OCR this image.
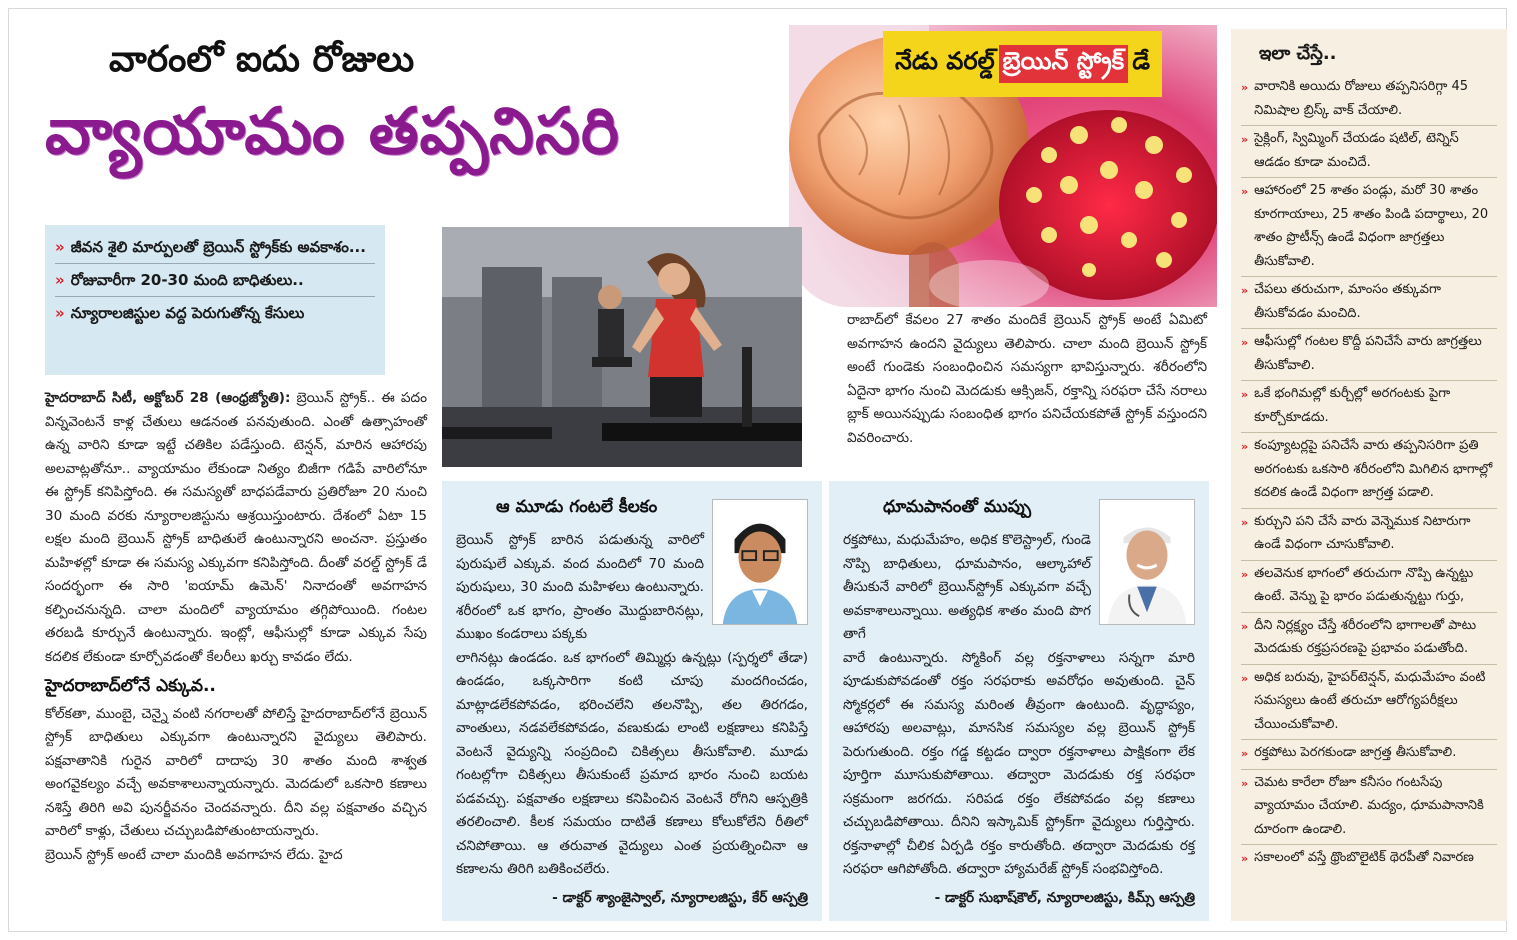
నేడు వరల్డ్ బ్రెయిన్ స్ట్రోక్ డే
వారంలో ఐదు రోజులు
వ్యాయామం తప్పనిసరి
» జీవన శైలి మార్పులతో బ్రెయిన్ స్ట్రోక్‌కు అవకాశం...
» రోజువారీగా 20-30 మంది బాధితులు..
» న్యూరాలజిస్టుల వద్ద పెరుగుతోన్న కేసులు

హైదరాబాద్ సిటీ, అక్టోబర్ 28 (ఆంధ్రజ్యోతి): బ్రెయిన్ స్ట్రోక్.. ఈ పదం విన్నవెంటనే కాళ్ల చేతులు ఆడనంత పనవుతుంది. ఎంతో ఉత్సాహంతో ఉన్న వారిని కూడా ఇట్టే చతికిల పడేస్తుంది. టెన్షన్, మారిన ఆహారపు అలవాట్లతోనూ.. వ్యాయామం లేకుండా నిత్యం బిజీగా గడిపే వారిలోనూ ఈ స్ట్రోక్ కనిపిస్తోంది. ఈ సమస్యతో బాధపడేవారు ప్రతిరోజూ 20 నుంచి 30 మంది వరకు న్యూరాలజిస్టును ఆశ్రయిస్తుంటారు. దేశంలో ఏటా 15 లక్షల మంది బ్రెయిన్ స్ట్రోక్ బాధితులే ఉంటున్నారని అంచనా. ప్రస్తుతం మహిళల్లో కూడా ఈ సమస్య ఎక్కువగా కనిపిస్తోంది. దీంతో వరల్డ్ స్ట్రోక్ డే సందర్భంగా ఈ సారి 'ఐయామ్ ఉమెన్' నినాదంతో అవగాహన కల్పించనున్నది. చాలా మందిలో వ్యాయామం తగ్గిపోయింది. గంటల తరబడి కూర్చునే ఉంటున్నారు. ఇంట్లో, ఆఫీసుల్లో కూడా ఎక్కువ సేపు కదలిక లేకుండా కూర్చోవడంతో కేలరీలు ఖర్చు కావడం లేదు.

హైదరాబాద్‌లోనే ఎక్కువ..

కోల్‌కతా, ముంబై, చెన్నై వంటి నగరాలతో పోలిస్తే హైదరాబాద్‌లోనే బ్రెయిన్ స్ట్రోక్ బాధితులు ఎక్కువగా ఉంటున్నారని వైద్యులు తెలిపారు. పక్షవాతానికి గురైన వారిలో దాదాపు 30 శాతం మంది శాశ్వత అంగవైకల్యం వచ్చే అవకాశాలున్నాయన్నారు. మెదడులో ఒకసారి కణాలు నశిస్తే తిరిగి అవి పునర్జీవనం చెందవన్నారు. దీని వల్ల పక్షవాతం వచ్చిన వారిలో కాళ్లు, చేతులు చచ్చుబడిపోతుంటాయన్నారు.

బ్రెయిన్ స్ట్రోక్ అంటే చాలా మందికి అవగాహన లేదు. హైద

రాబాద్‌లో కేవలం 27 శాతం మందికే బ్రెయిన్ స్ట్రోక్ అంటే ఏమిటో అవగాహన ఉందని వైద్యులు తెలిపారు. చాలా మంది బ్రెయిన్ స్ట్రోక్ అంటే గుండెకు సంబంధించిన సమస్యగా భావిస్తున్నారు. శరీరంలోని ఏదైనా భాగం నుంచి మెదడుకు ఆక్సిజన్, రక్తాన్ని సరఫరా చేసే నరాలు బ్లాక్ అయినప్పుడు సంబంధిత భాగం పనిచేయకపోతే స్ట్రోక్ వస్తుందని వివరించారు.

ఆ మూడు గంటలే కీలకం

బ్రెయిన్ స్ట్రోక్ బారిన పడుతున్న వారిలో పురుషులే ఎక్కువ. వంద మందిలో 70 మంది పురుషులు, 30 మంది మహిళలు ఉంటున్నారు. శరీరంలో ఒక భాగం, ప్రాంతం మొద్దుబారినట్లు, ముఖం కండరాలు పక్కకు

లాగినట్లు ఉండడం. ఒక భాగంలో తిమ్మిర్లు ఉన్నట్లు (స్పర్శలో తేడా) ఉండడం, ఒక్కసారిగా కంటి చూపు మందగించడం, మాట్లాడలేకపోవడం, భరించలేని తలనొప్పి, తల తిరగడం, వాంతులు, నడవలేకపోవడం, వణుకుడు లాంటి లక్షణాలు కనిపిస్తే వెంటనే వైద్యున్ని సంప్రదించి చికిత్సలు తీసుకోవాలి. మూడు గంటల్లోగా చికిత్సలు తీసుకుంటే ప్రమాద భారం నుంచి బయట పడవచ్చు. పక్షవాతం లక్షణాలు కనిపించిన వెంటనే రోగిని ఆస్పత్రికి తరలించాలి. కీలక సమయం దాటితే కణాలు కోలుకోలేని రీతిలో చనిపోతాయి. ఆ తరువాత వైద్యులు ఎంత ప్రయత్నించినా ఆ కణాలను తిరిగి బతికించలేరు.

- డాక్టర్ శ్యాంజైస్వాల్, న్యూరాలజిస్టు, కేర్ ఆస్పత్రి
ధూమపానంతో ముప్పు

రక్తపోటు, మధుమేహం, అధిక కొలెస్ట్రాల్, గుండె నొప్పి బాధితులు, ధూమపానం, ఆల్కాహాల్ తీసుకునే వారిలో బ్రెయిన్‌స్ట్రోక్ ఎక్కువగా వచ్చే అవకాశాలున్నాయి. అత్యధిక శాతం మంది పొగ తాగే

వారే ఉంటున్నారు. స్మోకింగ్ వల్ల రక్తనాళాలు సన్నగా మారి పూడుకుపోవడంతో రక్తం సరఫరాకు అవరోధం అవుతుంది. చైన్ స్మోకర్లలో ఈ సమస్య మరింత తీవ్రంగా ఉంటుంది. వృద్ధాప్యం, ఆహారపు అలవాట్లు, మానసిక సమస్యల వల్ల బ్రెయిన్ స్ట్రోక్ పెరుగుతుంది. రక్తం గడ్డ కట్టడం ద్వారా రక్తనాళాలు పాక్షికంగా లేక పూర్తిగా మూసుకుపోతాయి. తద్వారా మెదడుకు రక్త సరఫరా సక్రమంగా జరగదు. సరిపడ రక్తం లేకపోవడం వల్ల కణాలు చచ్చుబడిపోతాయి. దీనిని ఇస్కామిక్ స్ట్రోక్‌గా వైద్యులు గుర్తిస్తారు. రక్తనాళాల్లో చీలిక ఏర్పడి రక్తం కారుతోంది. తద్వారా మెదడుకు రక్త సరఫరా ఆగిపోతోంది. తద్వారా హ్యామరేజ్ స్ట్రోక్ సంభవిస్తోంది.

- డాక్టర్ సుభాష్‌కౌల్, న్యూరాలజిస్టు, కిమ్స్ ఆస్పత్రి
ఇలా చేస్తే..
» వారానికి అయిదు రోజులు తప్పనిసరిగ్గా 45 నిమిషాల బ్రిస్క్ వాక్ చేయాలి.
» సైక్లింగ్, స్విమ్మింగ్ చేయడం షటిల్, టెన్నిస్ ఆడడం కూడా మంచిదే.
» ఆహారంలో 25 శాతం పండ్లు, మరో 30 శాతం కూరగాయాలు, 25 శాతం పిండి పదార్థాలు, 20 శాతం ప్రొటీన్స్ ఉండే విధంగా జాగ్రత్తలు తీసుకోవాలి.
» చేపలు తరుచుగా, మాంసం తక్కువగా తీసుకోవడం మంచిది.
» ఆఫీసుల్లో గంటల కొద్దీ పనిచేసే వారు జాగ్రత్తలు తీసుకోవాలి.
» ఒకే భంగిమల్లో కుర్చీల్లో అరగంటకు పైగా కూర్చోకూడదు.
» కంప్యూటర్లపై పనిచేసే వారు తప్పనిసరిగా ప్రతి అరగంటకు ఒకసారి శరీరంలోని మిగిలిన భాగాల్లో కదలిక ఉండే విధంగా జాగ్రత్త పడాలి.
» కుర్చుని పని చేసే వారు వెన్నెముక నిటారుగా ఉండే విధంగా చూసుకోవాలి.
» తలవెనుక భాగంలో తరుచుగా నొప్పి ఉన్నట్టు ఉంటే. వెన్ను పై భారం పడుతున్నట్టు గుర్తు,
» దీని నిర్లక్ష్యం చేస్తే శరీరంలోని భాగాలతో పాటు మెదడుకు రక్తప్రసరణపై ప్రభావం పడుతోంది.
» అధిక బరువు, హైపర్‌టెన్షన్, మధుమేహం వంటి సమస్యలు ఉంటే తరుచూ ఆరోగ్యపరీక్షలు చేయించుకోవాలి.
» రక్తపోటు పెరగకుండా జాగ్రత్త తీసుకోవాలి.
» చెమట కారేలా రోజూ కనీసం గంటసేపు వ్యాయామం చేయాలి. మద్యం, ధూమపానానికి దూరంగా ఉండాలి.
» సకాలంలో వస్తే థ్రొంబొలైటిక్ థెరపీతో నివారణ
